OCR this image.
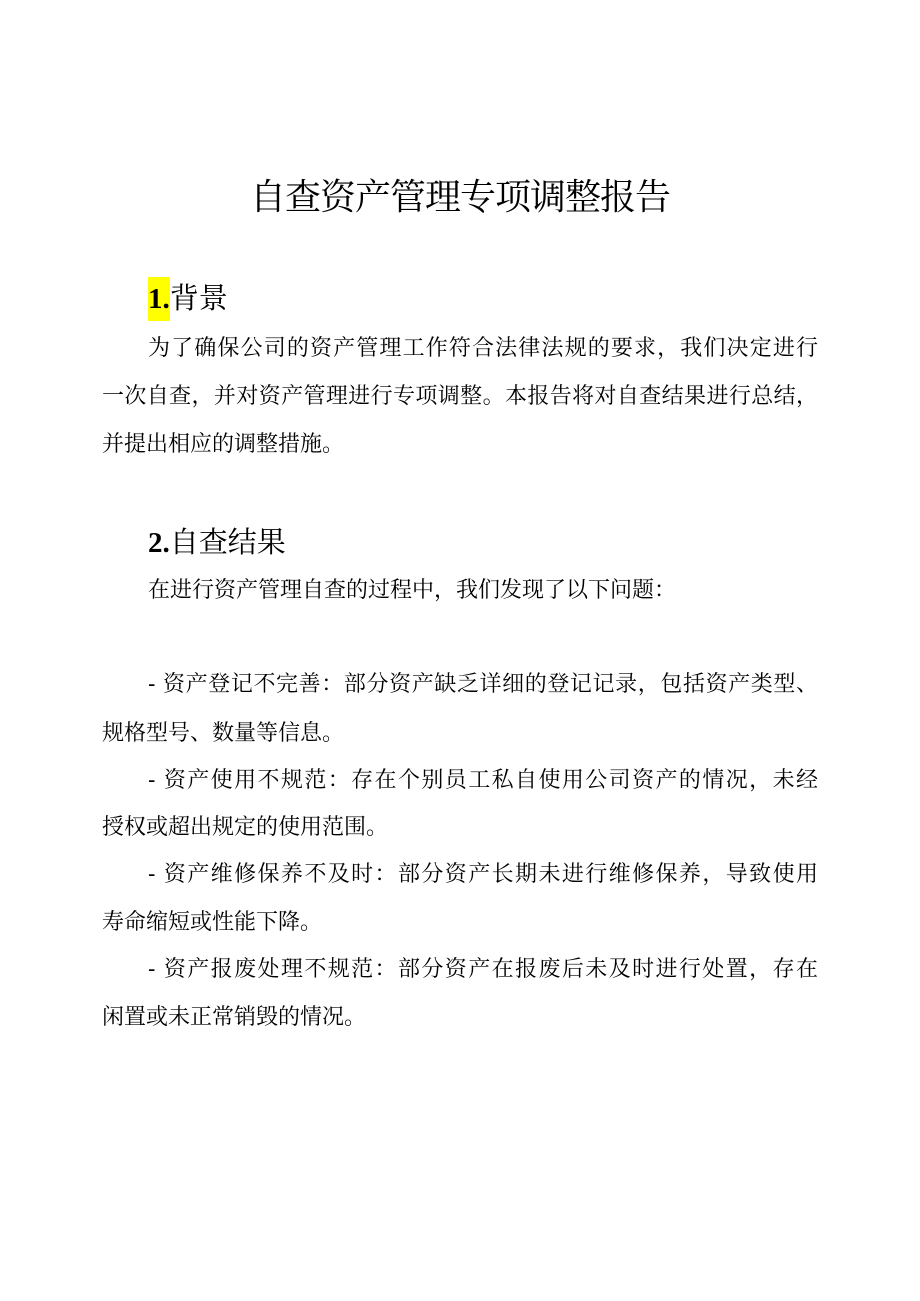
自查资产管理专项调整报告
1.背景
为了确保公司的资产管理工作符合法律法规的要求，我们决定进行
一次自查，并对资产管理进行专项调整。本报告将对自查结果进行总结，
并提出相应的调整措施。
2.自查结果
在进行资产管理自查的过程中，我们发现了以下问题：
- 资产登记不完善：部分资产缺乏详细的登记记录，包括资产类型、
规格型号、数量等信息。
- 资产使用不规范：存在个别员工私自使用公司资产的情况，未经
授权或超出规定的使用范围。
- 资产维修保养不及时：部分资产长期未进行维修保养，导致使用
寿命缩短或性能下降。
- 资产报废处理不规范：部分资产在报废后未及时进行处置，存在
闲置或未正常销毁的情况。
